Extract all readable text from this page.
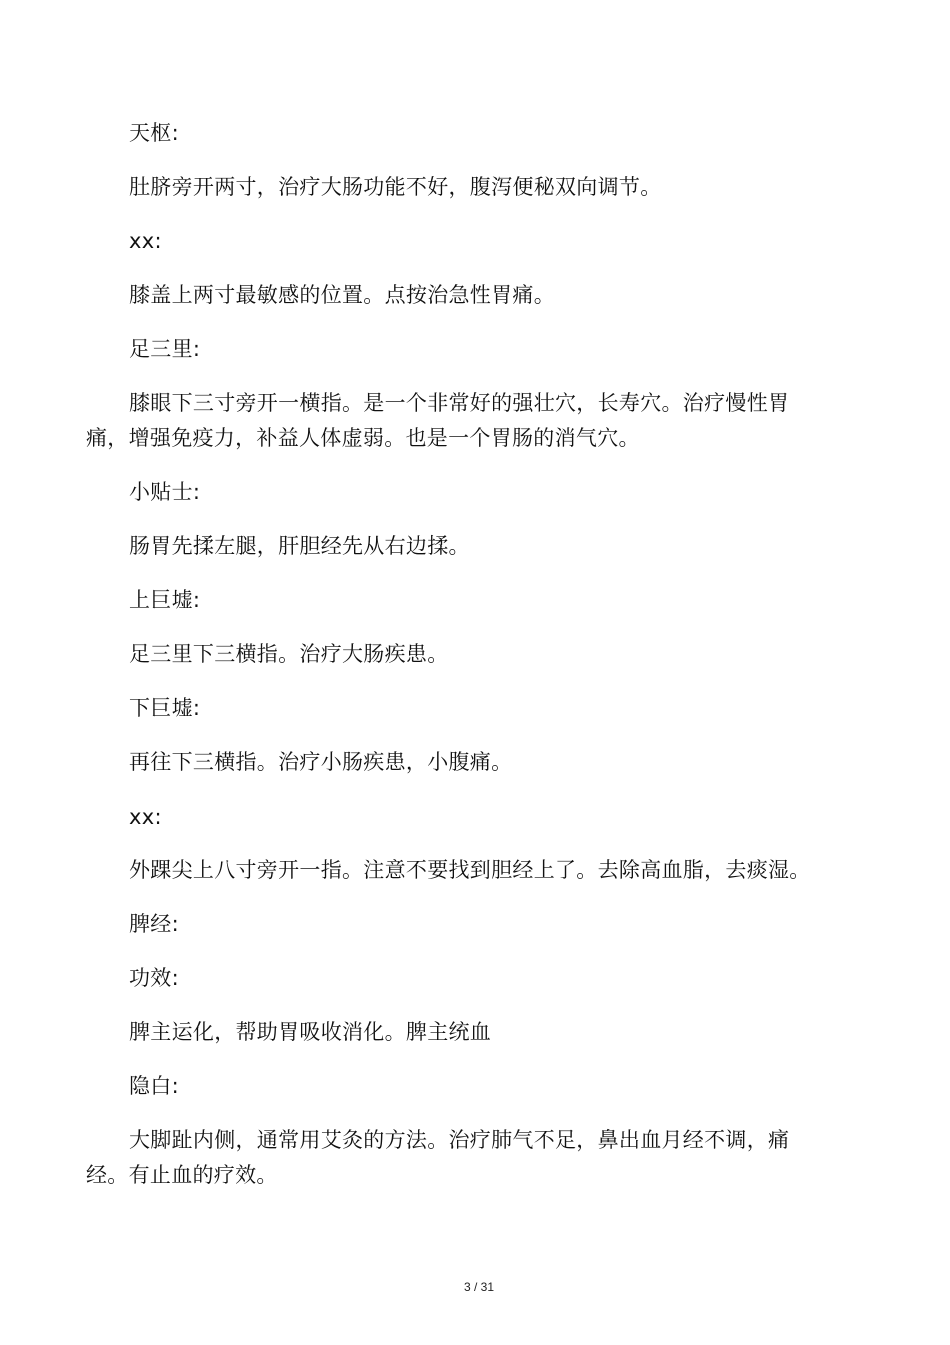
天枢:
肚脐旁开两寸，治疗大肠功能不好，腹泻便秘双向调节。
xx:
膝盖上两寸最敏感的位置。点按治急性胃痛。
足三里:
膝眼下三寸旁开一横指。是一个非常好的强壮穴，长寿穴。治疗慢性胃
痛，增强免疫力，补益人体虚弱。也是一个胃肠的消气穴。
小贴士:
肠胃先揉左腿，肝胆经先从右边揉。
上巨墟:
足三里下三横指。治疗大肠疾患。
下巨墟:
再往下三横指。治疗小肠疾患，小腹痛。
xx:
外踝尖上八寸旁开一指。注意不要找到胆经上了。去除高血脂，去痰湿。
脾经:
功效:
脾主运化，帮助胃吸收消化。脾主统血
隐白:
大脚趾内侧，通常用艾灸的方法。治疗肺气不足，鼻出血月经不调，痛
经。有止血的疗效。
3 / 31
